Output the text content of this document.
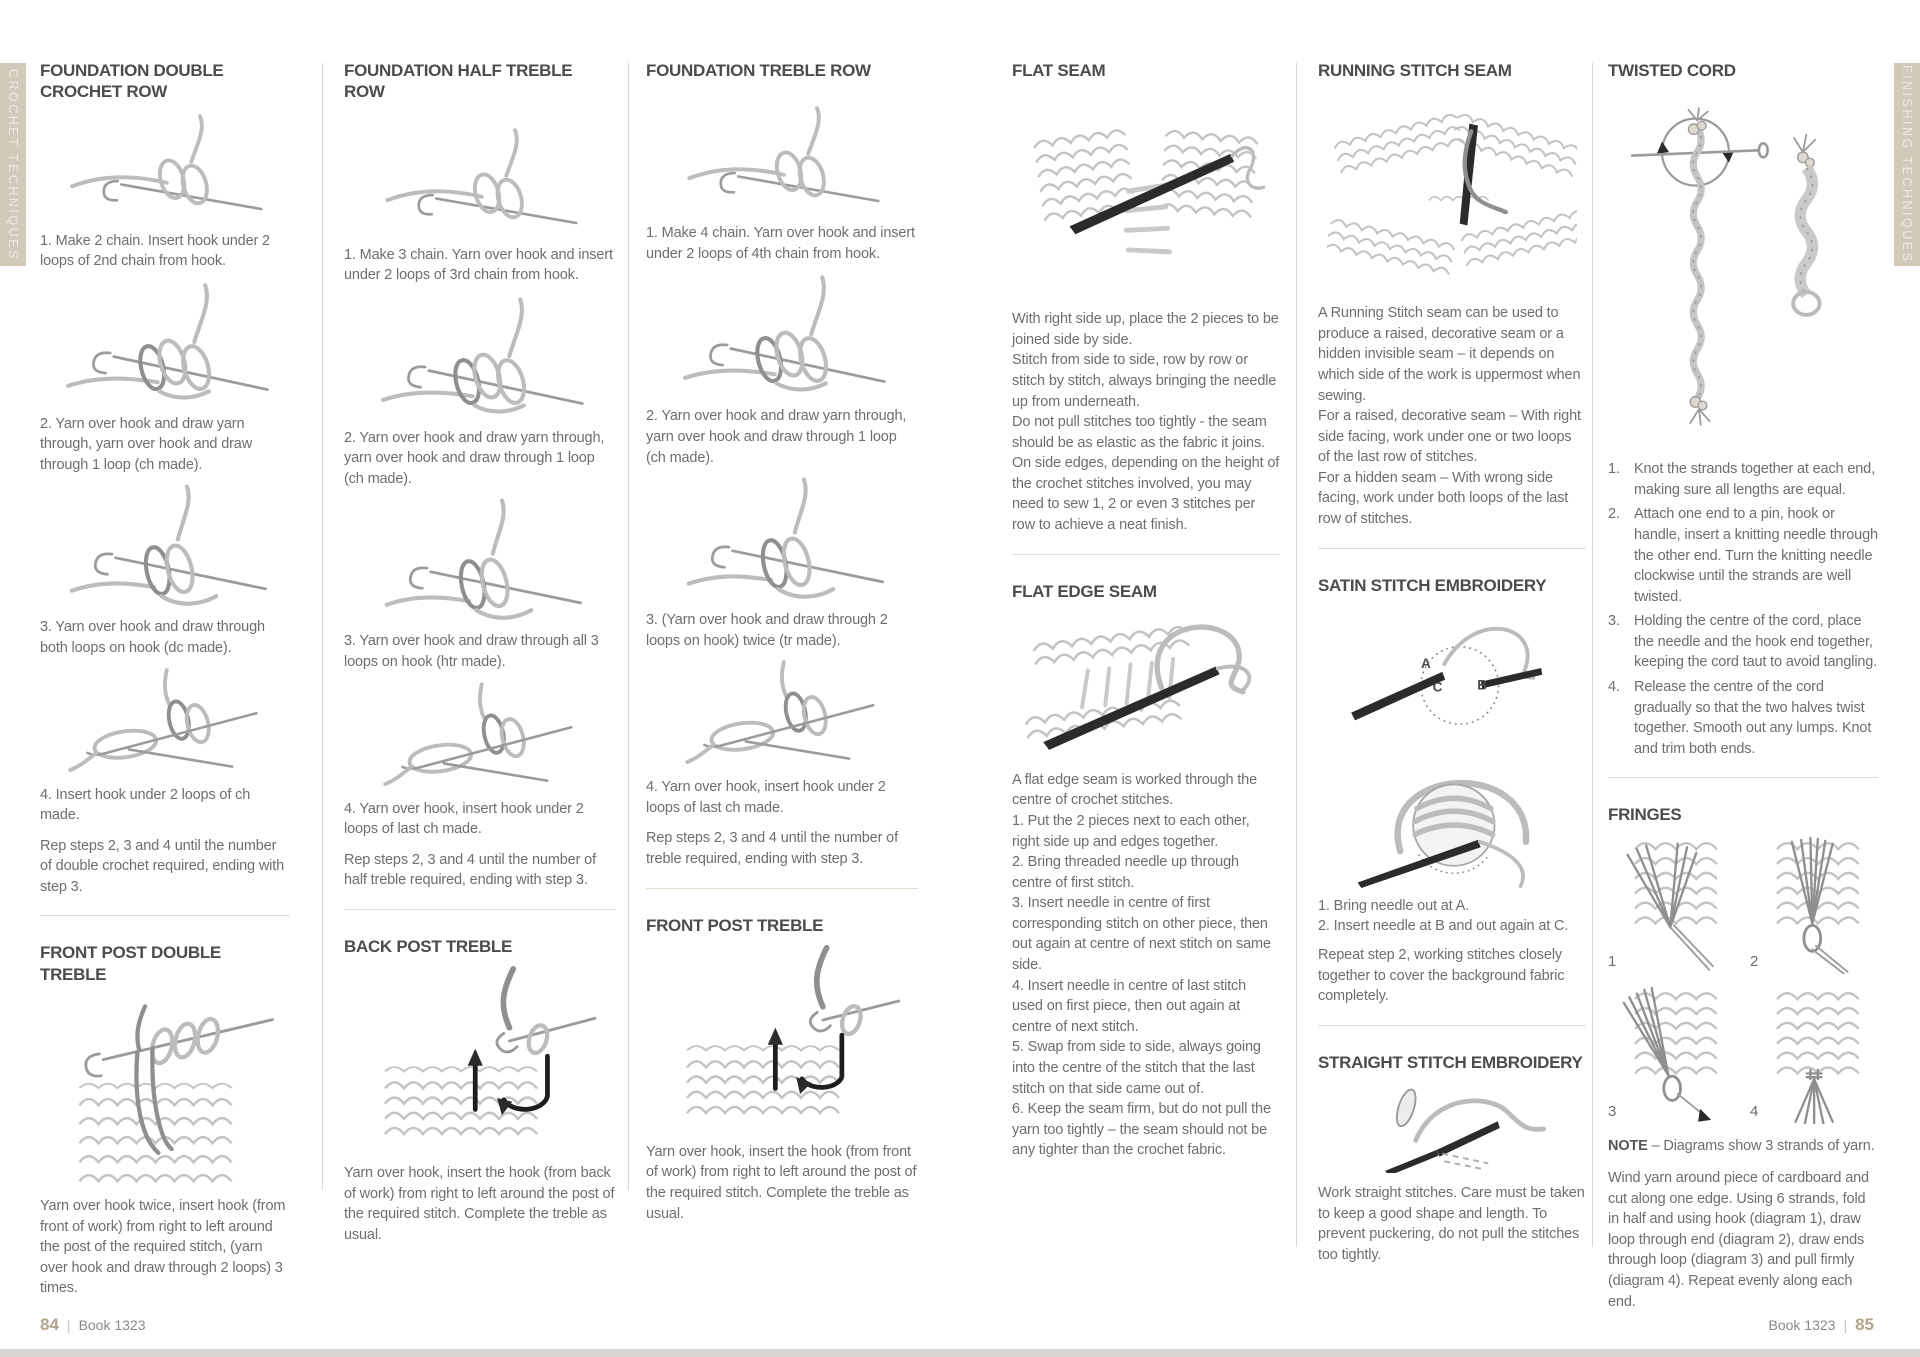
CROCHET TECHNIQUES	FINISHING TECHNIQUES
FOUNDATION DOUBLE CROCHET ROW

1. Make 2 chain. Insert hook under 2 loops of 2nd chain from hook.

2. Yarn over hook and draw yarn through, yarn over hook and draw through 1 loop (ch made).

3. Yarn over hook and draw through both loops on hook (dc made).

4. Insert hook under 2 loops of ch made.

Rep steps 2, 3 and 4 until the number of double crochet required, ending with step 3.

FRONT POST DOUBLE TREBLE

Yarn over hook twice, insert hook (from front of work) from right to left around the post of the required stitch, (yarn over hook and draw through 2 loops) 3 times.

FOUNDATION HALF TREBLE ROW

1. Make 3 chain. Yarn over hook and insert under 2 loops of 3rd chain from hook.

2. Yarn over hook and draw yarn through, yarn over hook and draw through 1 loop (ch made).

3. Yarn over hook and draw through all 3 loops on hook (htr made).

4. Yarn over hook, insert hook under 2 loops of last ch made.

Rep steps 2, 3 and 4 until the number of half treble required, ending with step 3.

BACK POST TREBLE

Yarn over hook, insert the hook (from back of work) from right to left around the post of the required stitch. Complete the treble as usual.

FOUNDATION TREBLE ROW

1. Make 4 chain. Yarn over hook and insert under 2 loops of 4th chain from hook.

2. Yarn over hook and draw yarn through, yarn over hook and draw through 1 loop (ch made).

3. (Yarn over hook and draw through 2 loops on hook) twice (tr made).

4. Yarn over hook, insert hook under 2 loops of last ch made.

Rep steps 2, 3 and 4 until the number of treble required, ending with step 3.

FRONT POST TREBLE

Yarn over hook, insert the hook (from front of work) from right to left around the post of the required stitch. Complete the treble as usual.

FLAT SEAM

With right side up, place the 2 pieces to be joined side by side.

Stitch from side to side, row by row or stitch by stitch, always bringing the needle up from underneath.

Do not pull stitches too tightly - the seam should be as elastic as the fabric it joins.

On side edges, depending on the height of the crochet stitches involved, you may need to sew 1, 2 or even 3 stitches per row to achieve a neat finish.

FLAT EDGE SEAM

A flat edge seam is worked through the centre of crochet stitches.

1. Put the 2 pieces next to each other, right side up and edges together.

2. Bring threaded needle up through centre of first stitch.

3. Insert needle in centre of first corresponding stitch on other piece, then out again at centre of next stitch on same side.

4. Insert needle in centre of last stitch used on first piece, then out again at centre of next stitch.

5. Swap from side to side, always going into the centre of the stitch that the last stitch on that side came out of.

6. Keep the seam firm, but do not pull the yarn too tightly – the seam should not be any tighter than the crochet fabric.

RUNNING STITCH SEAM

A Running Stitch seam can be used to produce a raised, decorative seam or a hidden invisible seam – it depends on which side of the work is uppermost when sewing.

For a raised, decorative seam – With right side facing, work under one or two loops of the last row of stitches.

For a hidden seam – With wrong side facing, work under both loops of the last row of stitches.

SATIN STITCH EMBROIDERY
A
C B

1. Bring needle out at A.

2. Insert needle at B and out again at C.

Repeat step 2, working stitches closely together to cover the background fabric completely.

STRAIGHT STITCH EMBROIDERY

Work straight stitches. Care must be taken to keep a good shape and length. To prevent puckering, do not pull the stitches too tightly.

TWISTED CORD
1. Knot the strands together at each end, making sure all lengths are equal.
2. Attach one end to a pin, hook or handle, insert a knitting needle through the other end. Turn the knitting needle clockwise until the strands are well twisted.
3. Holding the centre of the cord, place the needle and the hook end together, keeping the cord taut to avoid tangling.
4. Release the centre of the cord gradually so that the two halves twist together. Smooth out any lumps. Knot and trim both ends.
FRINGES
1	2
3	4

NOTE – Diagrams show 3 strands of yarn.

Wind yarn around piece of cardboard and cut along one edge. Using 6 strands, fold in half and using hook (diagram 1), draw loop through end (diagram 2), draw ends through loop (diagram 3) and pull firmly (diagram 4). Repeat evenly along each end.

84 | Book 1323	Book 1323 | 85
